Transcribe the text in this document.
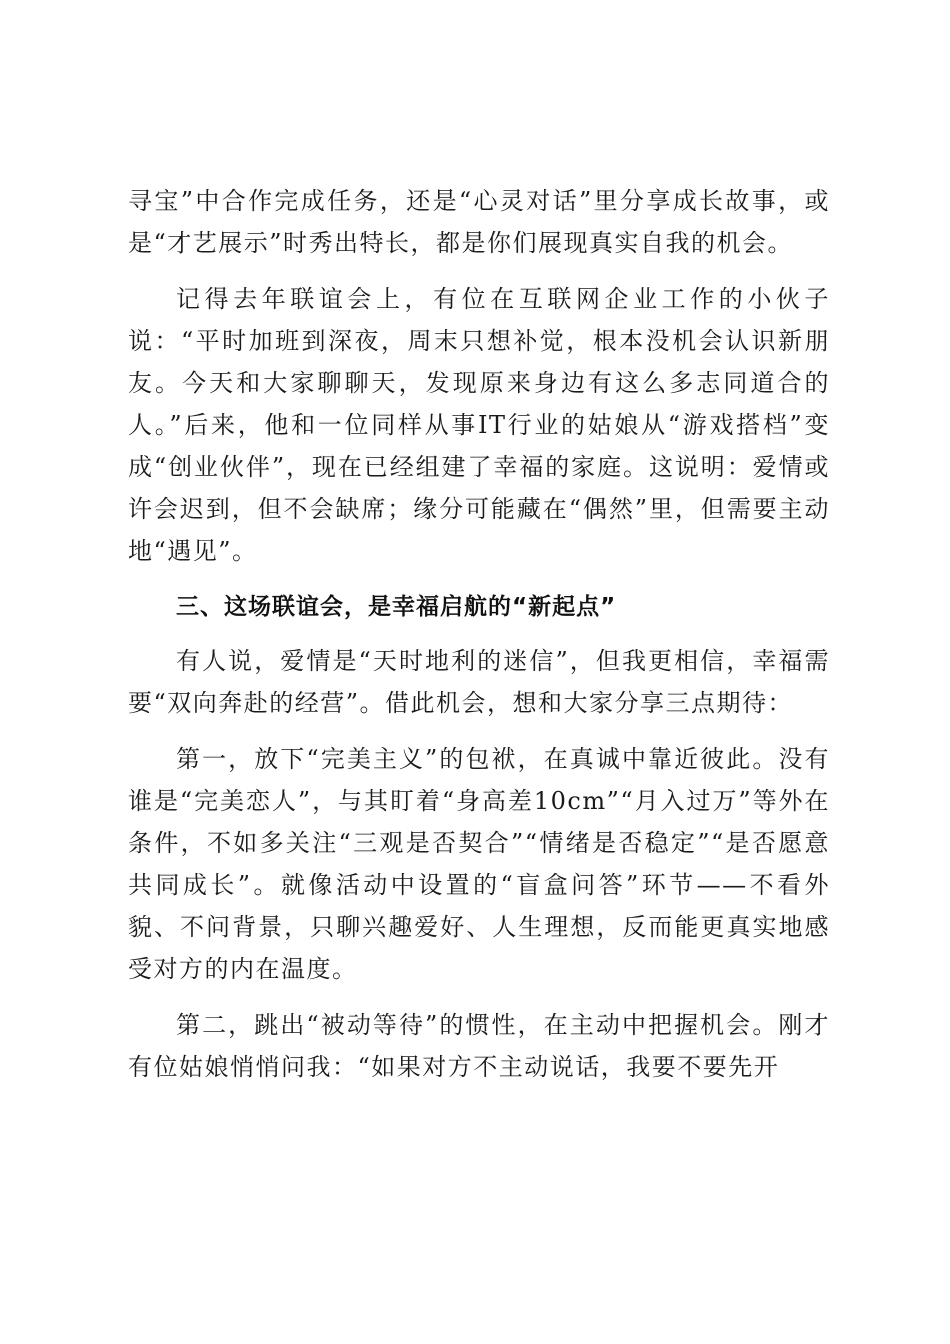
寻宝”中合作完成任务，还是“心灵对话”里分享成长故事，或是“才艺展示”时秀出特长，都是你们展现真实自我的机会。

记得去年联谊会上，有位在互联网企业工作的小伙子说：“平时加班到深夜，周末只想补觉，根本没机会认识新朋友。今天和大家聊聊天，发现原来身边有这么多志同道合的人。”后来，他和一位同样从事IT行业的姑娘从“游戏搭档”变成“创业伙伴”，现在已经组建了幸福的家庭。这说明：爱情或许会迟到，但不会缺席；缘分可能藏在“偶然”里，但需要主动地“遇见”。

三、这场联谊会，是幸福启航的“新起点”

有人说，爱情是“天时地利的迷信”，但我更相信，幸福需要“双向奔赴的经营”。借此机会，想和大家分享三点期待：

第一，放下“完美主义”的包袱，在真诚中靠近彼此。没有谁是“完美恋人”，与其盯着“身高差10cm”“月入过万”等外在条件，不如多关注“三观是否契合”“情绪是否稳定”“是否愿意共同成长”。就像活动中设置的“盲盒问答”环节——不看外貌、不问背景，只聊兴趣爱好、人生理想，反而能更真实地感受对方的内在温度。

第二，跳出“被动等待”的惯性，在主动中把握机会。刚才有位姑娘悄悄问我：“如果对方不主动说话，我要不要先开
